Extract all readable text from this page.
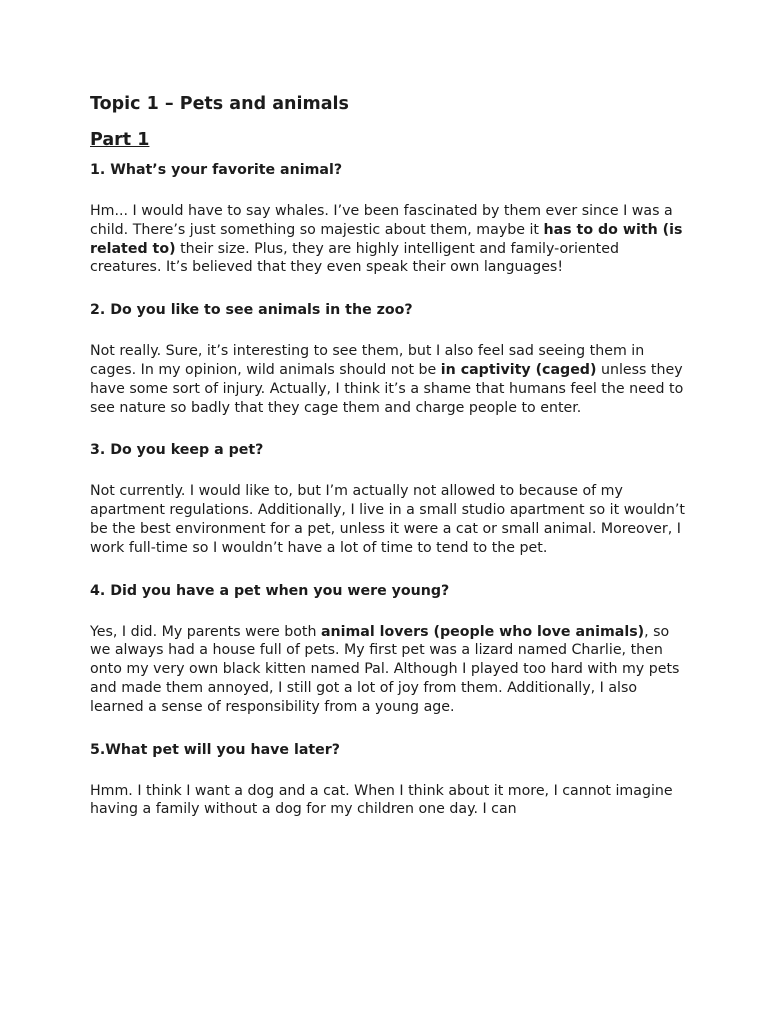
Topic 1 – Pets and animals
Part 1
1. What’s your favorite animal?
Hm... I would have to say whales. I’ve been fascinated by them ever since I was a child. There’s just something so majestic about them, maybe it has to do with (is related to) their size. Plus, they are highly intelligent and family-oriented creatures. It’s believed that they even speak their own languages!
2. Do you like to see animals in the zoo?
Not really. Sure, it’s interesting to see them, but I also feel sad seeing them in cages. In my opinion, wild animals should not be in captivity (caged) unless they have some sort of injury. Actually, I think it’s a shame that humans feel the need to see nature so badly that they cage them and charge people to enter.
3. Do you keep a pet?
Not currently. I would like to, but I’m actually not allowed to because of my apartment regulations. Additionally, I live in a small studio apartment so it wouldn’t be the best environment for a pet, unless it were a cat or small animal. Moreover, I work full-time so I wouldn’t have a lot of time to tend to the pet.
4. Did you have a pet when you were young?
Yes, I did. My parents were both animal lovers (people who love animals), so we always had a house full of pets. My first pet was a lizard named Charlie, then onto my very own black kitten named Pal. Although I played too hard with my pets and made them annoyed, I still got a lot of joy from them. Additionally, I also learned a sense of responsibility from a young age.
5.What pet will you have later?
Hmm. I think I want a dog and a cat. When I think about it more, I cannot imagine having a family without a dog for my children one day. I can
